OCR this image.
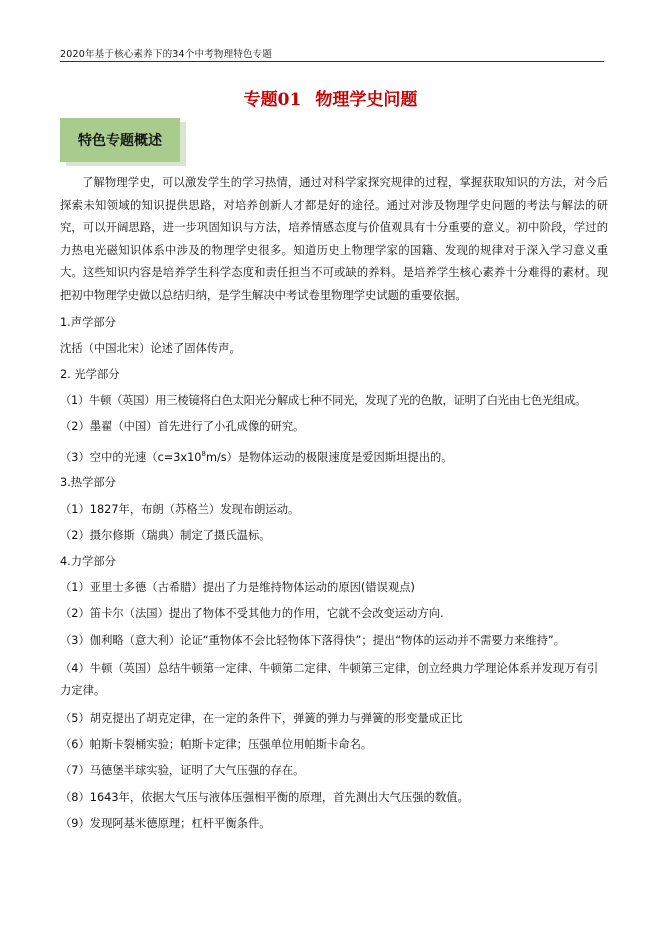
2020年基于核心素养下的34个中考物理特色专题
专题01 物理学史问题
特色专题概述

了解物理学史，可以激发学生的学习热情，通过对科学家探究规律的过程，掌握获取知识的方法，对今后探索未知领域的知识提供思路，对培养创新人才都是好的途径。通过对涉及物理学史问题的考法与解法的研究，可以开阔思路，进一步巩固知识与方法，培养情感态度与价值观具有十分重要的意义。初中阶段，学过的力热电光磁知识体系中涉及的物理学史很多。知道历史上物理学家的国籍、发现的规律对于深入学习意义重大。这些知识内容是培养学生科学态度和责任担当不可或缺的养料。是培养学生核心素养十分难得的素材。现把初中物理学史做以总结归纳，是学生解决中考试卷里物理学史试题的重要依据。

1.声学部分
沈括（中国北宋）论述了固体传声。
2. 光学部分
（1）牛顿（英国）用三棱镜将白色太阳光分解成七种不同光，发现了光的色散，证明了白光由七色光组成。
（2）墨翟（中国）首先进行了小孔成像的研究。
（3）空中的光速$(c=3x10^8m/s)$是物体运动的极限速度是爱因斯坦提出的。
3.热学部分
（1）1827年，布朗（苏格兰）发现布朗运动。
（2）摄尔修斯（瑞典）制定了摄氏温标。
4.力学部分
（1）亚里士多德（古希腊）提出了力是维持物体运动的原因(错误观点)
（2）笛卡尔（法国）提出了物体不受其他力的作用，它就不会改变运动方向.
（3）伽利略（意大利）论证“重物体不会比轻物体下落得快”；提出“物体的运动并不需要力来维持”。
（4）牛顿（英国）总结牛顿第一定律、牛顿第二定律、牛顿第三定律，创立经典力学理论体系并发现万有引力定律。
（5）胡克提出了胡克定律，在一定的条件下，弹簧的弹力与弹簧的形变量成正比
（6）帕斯卡裂桶实验；帕斯卡定律；压强单位用帕斯卡命名。
（7）马德堡半球实验，证明了大气压强的存在。
（8）1643年，依据大气压与液体压强相平衡的原理，首先测出大气压强的数值。
（9）发现阿基米德原理；杠杆平衡条件。
